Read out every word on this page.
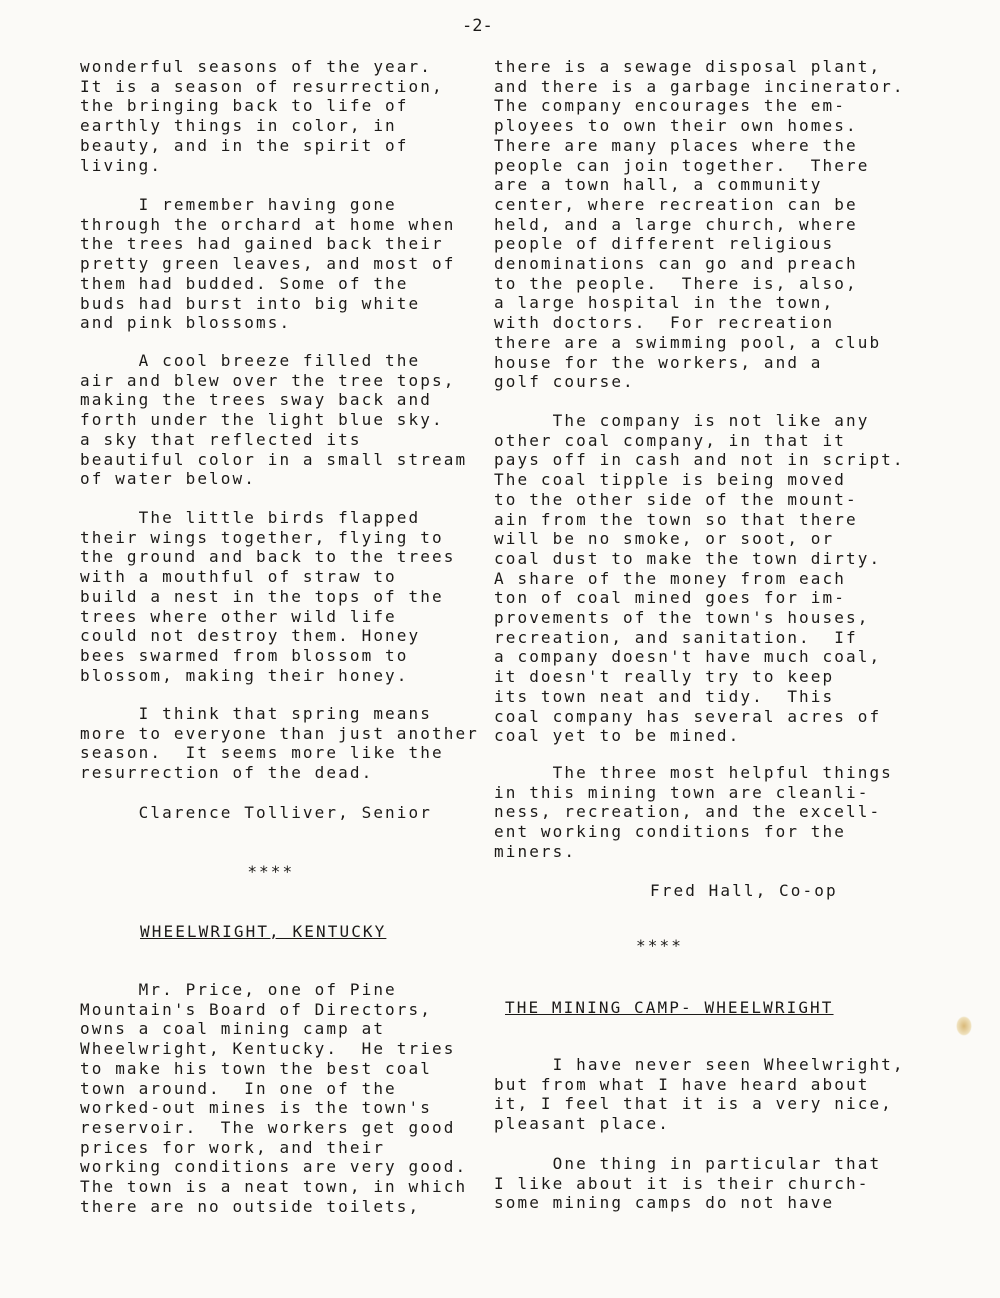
-2-

wonderful seasons of the year.
It is a season of resurrection,
the bringing back to life of
earthly things in color, in
beauty, and in the spirit of
living.

I remember having gone
through the orchard at home when
the trees had gained back their
pretty green leaves, and most of
them had budded. Some of the
buds had burst into big white
and pink blossoms.

A cool breeze filled the
air and blew over the tree tops,
making the trees sway back and
forth under the light blue sky.
a sky that reflected its
beautiful color in a small stream
of water below.

The little birds flapped
their wings together, flying to
the ground and back to the trees
with a mouthful of straw to
build a nest in the tops of the
trees where other wild life
could not destroy them. Honey
bees swarmed from blossom to
blossom, making their honey.

I think that spring means
more to everyone than just another
season.  It seems more like the
resurrection of the dead.

Clarence Tolliver, Senior

****

WHEELWRIGHT, KENTUCKY

Mr. Price, one of Pine
Mountain's Board of Directors,
owns a coal mining camp at
Wheelwright, Kentucky.  He tries
to make his town the best coal
town around.  In one of the
worked-out mines is the town's
reservoir.  The workers get good
prices for work, and their
working conditions are very good.
The town is a neat town, in which
there are no outside toilets,

there is a sewage disposal plant,
and there is a garbage incinerator.
The company encourages the em-
ployees to own their own homes.
There are many places where the
people can join together.  There
are a town hall, a community
center, where recreation can be
held, and a large church, where
people of different religious
denominations can go and preach
to the people.  There is, also,
a large hospital in the town,
with doctors.  For recreation
there are a swimming pool, a club
house for the workers, and a
golf course.

The company is not like any
other coal company, in that it
pays off in cash and not in script.
The coal tipple is being moved
to the other side of the mount-
ain from the town so that there
will be no smoke, or soot, or
coal dust to make the town dirty.
A share of the money from each
ton of coal mined goes for im-
provements of the town's houses,
recreation, and sanitation.  If
a company doesn't have much coal,
it doesn't really try to keep
its town neat and tidy.  This
coal company has several acres of
coal yet to be mined.

The three most helpful things
in this mining town are cleanli-
ness, recreation, and the excell-
ent working conditions for the
miners.

Fred Hall, Co-op

****

THE MINING CAMP- WHEELWRIGHT

I have never seen Wheelwright,
but from what I have heard about
it, I feel that it is a very nice,
pleasant place.

One thing in particular that
I like about it is their church-
some mining camps do not have
